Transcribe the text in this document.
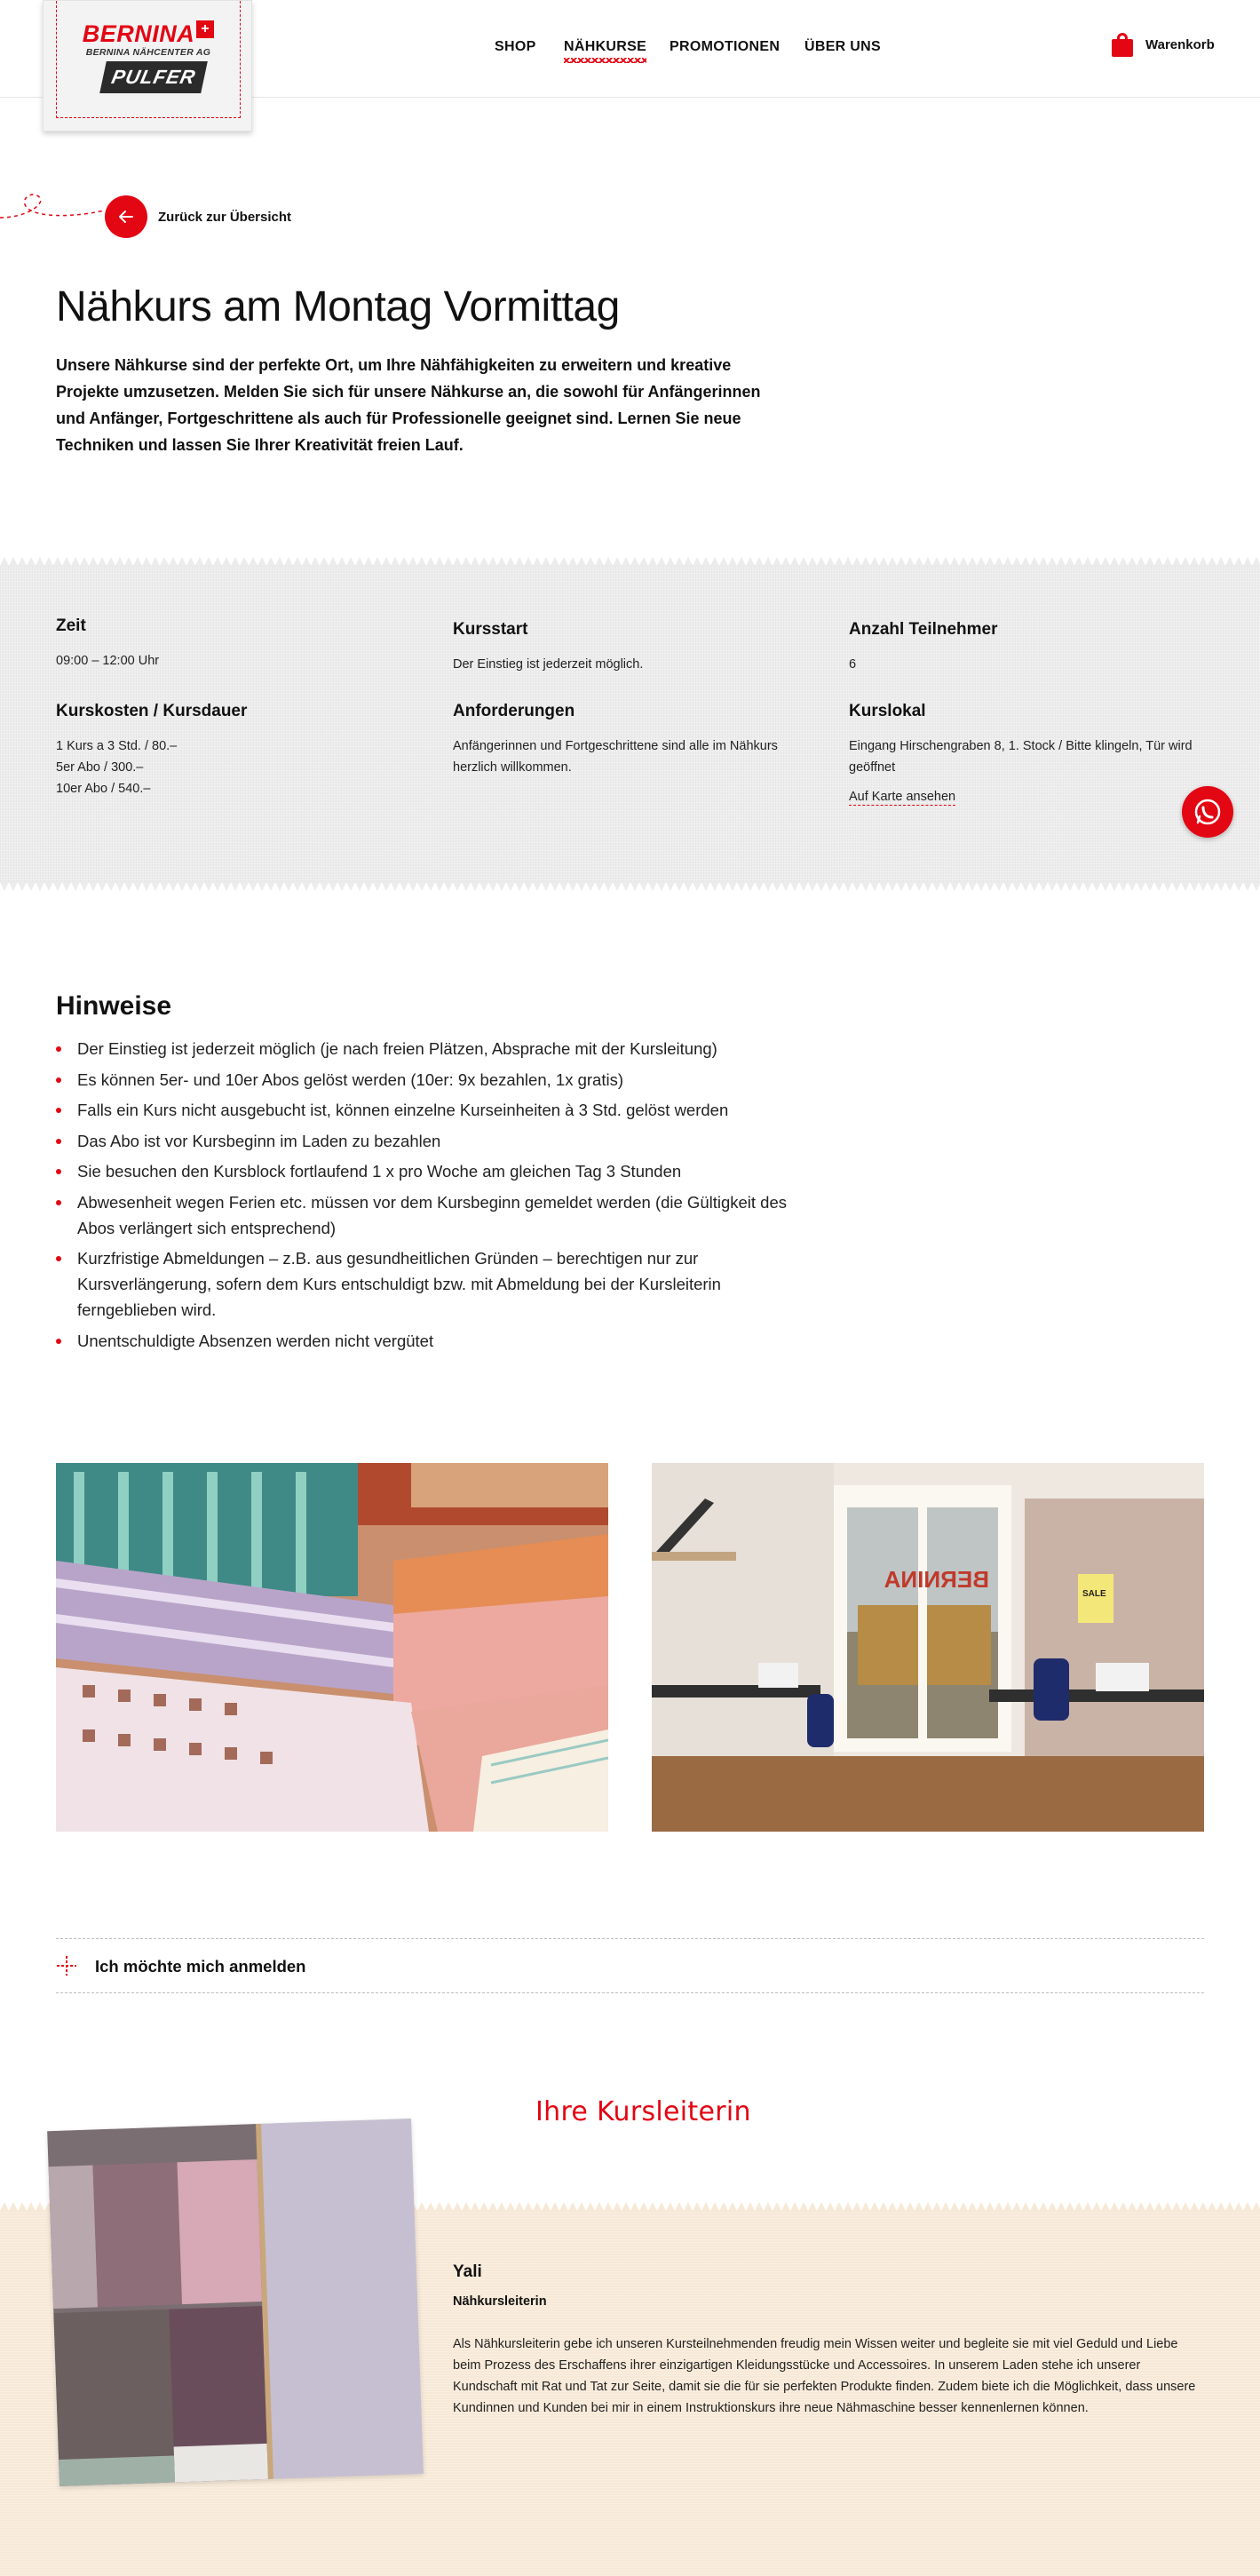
BERNINA +
BERNINA NÄHCENTER AG
PULFER
SHOP NÄHKURSE PROMOTIONEN ÜBER UNS	Warenkorb
Zurück zur Übersicht
Nähkurs am Montag Vormittag

Unsere Nähkurse sind der perfekte Ort, um Ihre Nähfähigkeiten zu erweitern und kreative Projekte umzusetzen. Melden Sie sich für unsere Nähkurse an, die sowohl für Anfängerinnen und Anfänger, Fortgeschrittene als auch für Professionelle geeignet sind. Lernen Sie neue Techniken und lassen Sie Ihrer Kreativität freien Lauf.

Zeit
09:00 – 12:00 Uhr
Kursstart
Der Einstieg ist jederzeit möglich.
Anzahl Teilnehmer
6
Kurskosten / Kursdauer
1 Kurs a 3 Std. / 80.–
5er Abo / 300.–
10er Abo / 540.–
Anforderungen
Anfängerinnen und Fortgeschrittene sind alle im Nähkurs herzlich willkommen.
Kurslokal
Eingang Hirschengraben 8, 1. Stock / Bitte klingeln, Tür wird geöffnet
Auf Karte ansehen
Hinweise
Der Einstieg ist jederzeit möglich (je nach freien Plätzen, Absprache mit der Kursleitung)
Es können 5er- und 10er Abos gelöst werden (10er: 9x bezahlen, 1x gratis)
Falls ein Kurs nicht ausgebucht ist, können einzelne Kurseinheiten à 3 Std. gelöst werden
Das Abo ist vor Kursbeginn im Laden zu bezahlen
Sie besuchen den Kursblock fortlaufend 1 x pro Woche am gleichen Tag 3 Stunden
Abwesenheit wegen Ferien etc. müssen vor dem Kursbeginn gemeldet werden (die Gültigkeit des Abos verlängert sich entsprechend)
Kurzfristige Abmeldungen – z.B. aus gesundheitlichen Gründen – berechtigen nur zur Kursverlängerung, sofern dem Kurs entschuldigt bzw. mit Abmeldung bei der Kursleiterin ferngeblieben wird.
Unentschuldigte Absenzen werden nicht vergütet
BERNINA
SALE
Ich möchte mich anmelden
Ihre Kursleiterin
Yali
Nähkursleiterin

Als Nähkursleiterin gebe ich unseren Kursteilnehmenden freudig mein Wissen weiter und begleite sie mit viel Geduld und Liebe beim Prozess des Erschaffens ihrer einzigartigen Kleidungsstücke und Accessoires. In unserem Laden stehe ich unserer Kundschaft mit Rat und Tat zur Seite, damit sie die für sie perfekten Produkte finden. Zudem biete ich die Möglichkeit, dass unsere Kundinnen und Kunden bei mir in einem Instruktionskurs ihre neue Nähmaschine besser kennenlernen können.
